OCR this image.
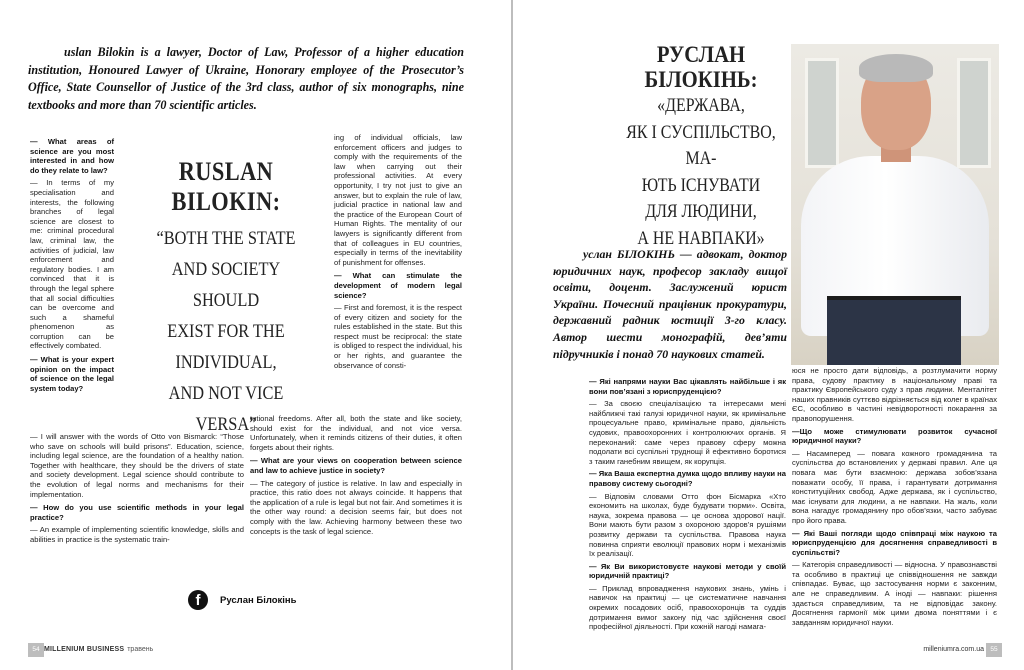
uslan Bilokin is a lawyer, Doctor of Law, Professor of a higher education institution, Honoured Lawyer of Ukraine, Honorary employee of the Prosecutor’s Office, State Counsellor of Justice of the 3rd class, author of six monographs, nine textbooks and more than 70 scientific articles.

— What areas of science are you most interested in and how do they relate to law?

— In terms of my specialisation and interests, the following branches of legal science are closest to me: criminal procedural law, criminal law, the activities of judicial, law enforcement and regulatory bodies. I am convinced that it is through the legal sphere that all social difficulties can be overcome and such a shameful phenomenon as corruption can be effectively combated.

— What is your expert opinion on the impact of science on the legal system today?

RUSLAN
BILOKIN:
“BOTH THE STATE
AND SOCIETY SHOULD
EXIST FOR THE
INDIVIDUAL,
AND NOT VICE VERSA”

— I will answer with the words of Otto von Bismarck: “Those who save on schools will build prisons”. Education, science, including legal science, are the foundation of a healthy nation. Together with healthcare, they should be the drivers of state and society development. Legal science should contribute to the evolution of legal norms and mechanisms for their implementation.

— How do you use scientific methods in your legal practice?

— An example of implementing scientific knowledge, skills and abilities in practice is the systematic train-

ing of individual officials, law enforcement officers and judges to comply with the requirements of the law when carrying out their professional activities. At every opportunity, I try not just to give an answer, but to explain the rule of law, judicial practice in national law and the practice of the European Court of Human Rights. The mentality of our lawyers is significantly different from that of colleagues in EU countries, especially in terms of the inevitability of punishment for offenses.

— What can stimulate the development of modern legal science?

— First and foremost, it is the respect of every citizen and society for the rules established in the state. But this respect must be reciprocal: the state is obliged to respect the individual, his or her rights, and guarantee the observance of consti-

tutional freedoms. After all, both the state and like society, should exist for the individual, and not vice versa. Unfortunately, when it reminds citizens of their duties, it often forgets about their rights.

— What are your views on cooperation between science and law to achieve justice in society?

— The category of justice is relative. In law and especially in practice, this ratio does not always coincide. It happens that the application of a rule is legal but not fair. And sometimes it is the other way round: a decision seems fair, but does not comply with the law. Achieving harmony between these two concepts is the task of legal science.

f	Руслан Білокінь
54 MILLENIUM BUSINESS травень
РУСЛАН
БІЛОКІНЬ:
«ДЕРЖАВА,
ЯК І СУСПІЛЬСТВО, МА-
ЮТЬ ІСНУВАТИ
ДЛЯ ЛЮДИНИ,
А НЕ НАВПАКИ»
услан БІЛОКІНЬ — адвокат, доктор юридичних наук, професор закладу вищої освіти, доцент. Заслужений юрист України. Почесний працівник прокуратури, державний радник юстиції 3-го класу. Автор шести монографій, дев’яти підручників і понад 70 наукових статей.

— Які напрями науки Вас цікавлять найбільше і як вони пов’язані з юриспруденцією?

— За своєю спеціалізацією та інтересами мені найближчі такі галузі юридичної науки, як кримінальне процесуальне право, кримінальне право, діяльність судових, правоохоронних і контролюючих органів. Я переконаний: саме через правову сферу можна подолати всі суспільні труднощі й ефективно боротися з таким ганебним явищем, як корупція.

— Яка Ваша експертна думка щодо впливу науки на правову систему сьогодні?

— Відповім словами Отто фон Бісмарка «Хто економить на школах, буде будувати тюрми». Освіта, наука, зокрема правова — це основа здорової нації. Вони мають бути разом з охороною здоров’я рушіями розвитку держави та суспільства. Правова наука повинна сприяти еволюції правових норм і механізмів їх реалізації.

— Як Ви використовуєте наукові методи у своїй юридичній практиці?

— Приклад впровадження наукових знань, умінь і навичок на практиці — це систематичне навчання окремих посадових осіб, правоохоронців та суддів дотримання вимог закону під час здійснення своєї професійної діяльності. При кожній нагоді намага-

юся не просто дати відповідь, а розтлумачити норму права, судову практику в національному праві та практику Європейського суду з прав людини. Менталітет наших правників суттєво відрізняється від колег в країнах ЄС, особливо в частині невідворотності покарання за правопорушення.

—Що може стимулювати розвиток сучасної юридичної науки?

— Насамперед — повага кожного громадянина та суспільства до встановлених у державі правил. Але ця повага має бути взаємною: держава зобов’язана поважати особу, її права, і гарантувати дотримання конституційних свобод. Адже держава, як і суспільство, має існувати для людини, а не навпаки. На жаль, коли вона нагадує громадянину про обов’язки, часто забуває про його права.

— Які Ваші погляди щодо співпраці між наукою та юриспруденцією для досягнення справедливості в суспільстві?

— Категорія справедливості — відносна. У правознавстві та особливо в практиці це співвідношення не завжди співпадає. Буває, що застосування норми є законним, але не справедливим. А іноді — навпаки: рішення здається справедливим, та не відповідає закону. Досягнення гармонії між цими двома поняттями і є завданням юридичної науки.

milleniumra.com.ua 55
